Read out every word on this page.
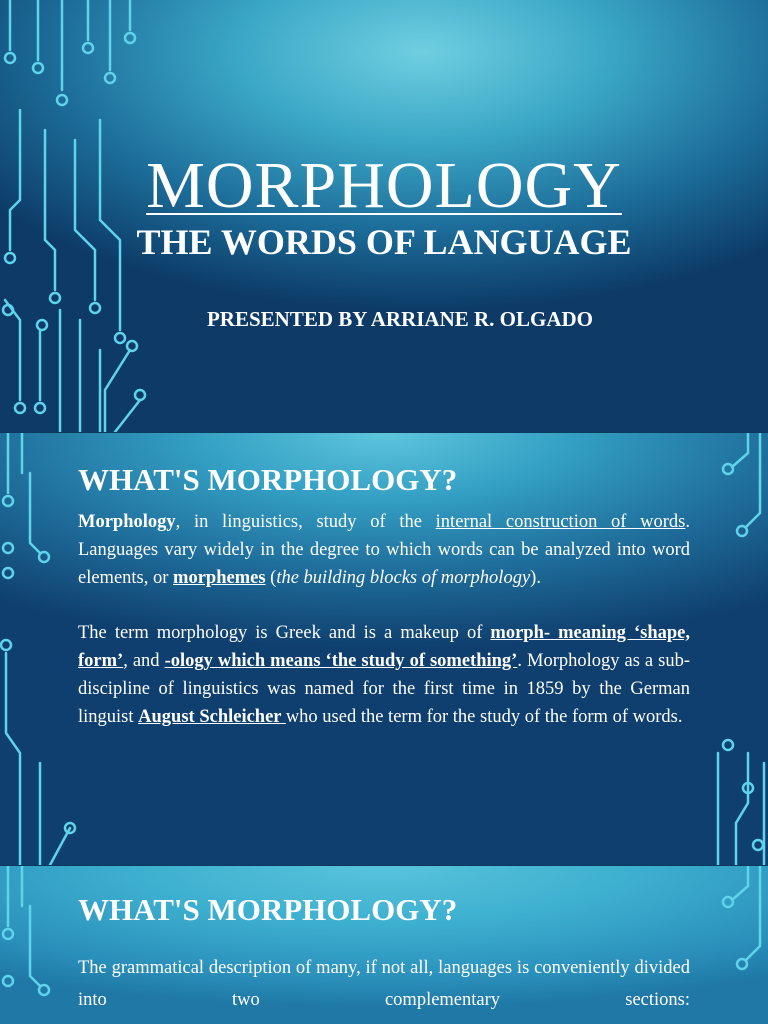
MORPHOLOGY
THE WORDS OF LANGUAGE
PRESENTED BY ARRIANE R. OLGADO
WHAT'S MORPHOLOGY?

Morphology, in linguistics, study of the internal construction of words. Languages vary widely in the degree to which words can be analyzed into word elements, or morphemes (the building blocks of morphology).

The term morphology is Greek and is a makeup of morph- meaning ‘shape, form’, and -ology which means ‘the study of something’. Morphology as a sub-discipline of linguistics was named for the first time in 1859 by the German linguist August Schleicher who used the term for the study of the form of words.

WHAT'S MORPHOLOGY?

The grammatical description of many, if not all, languages is conveniently divided into two complementary sections:
